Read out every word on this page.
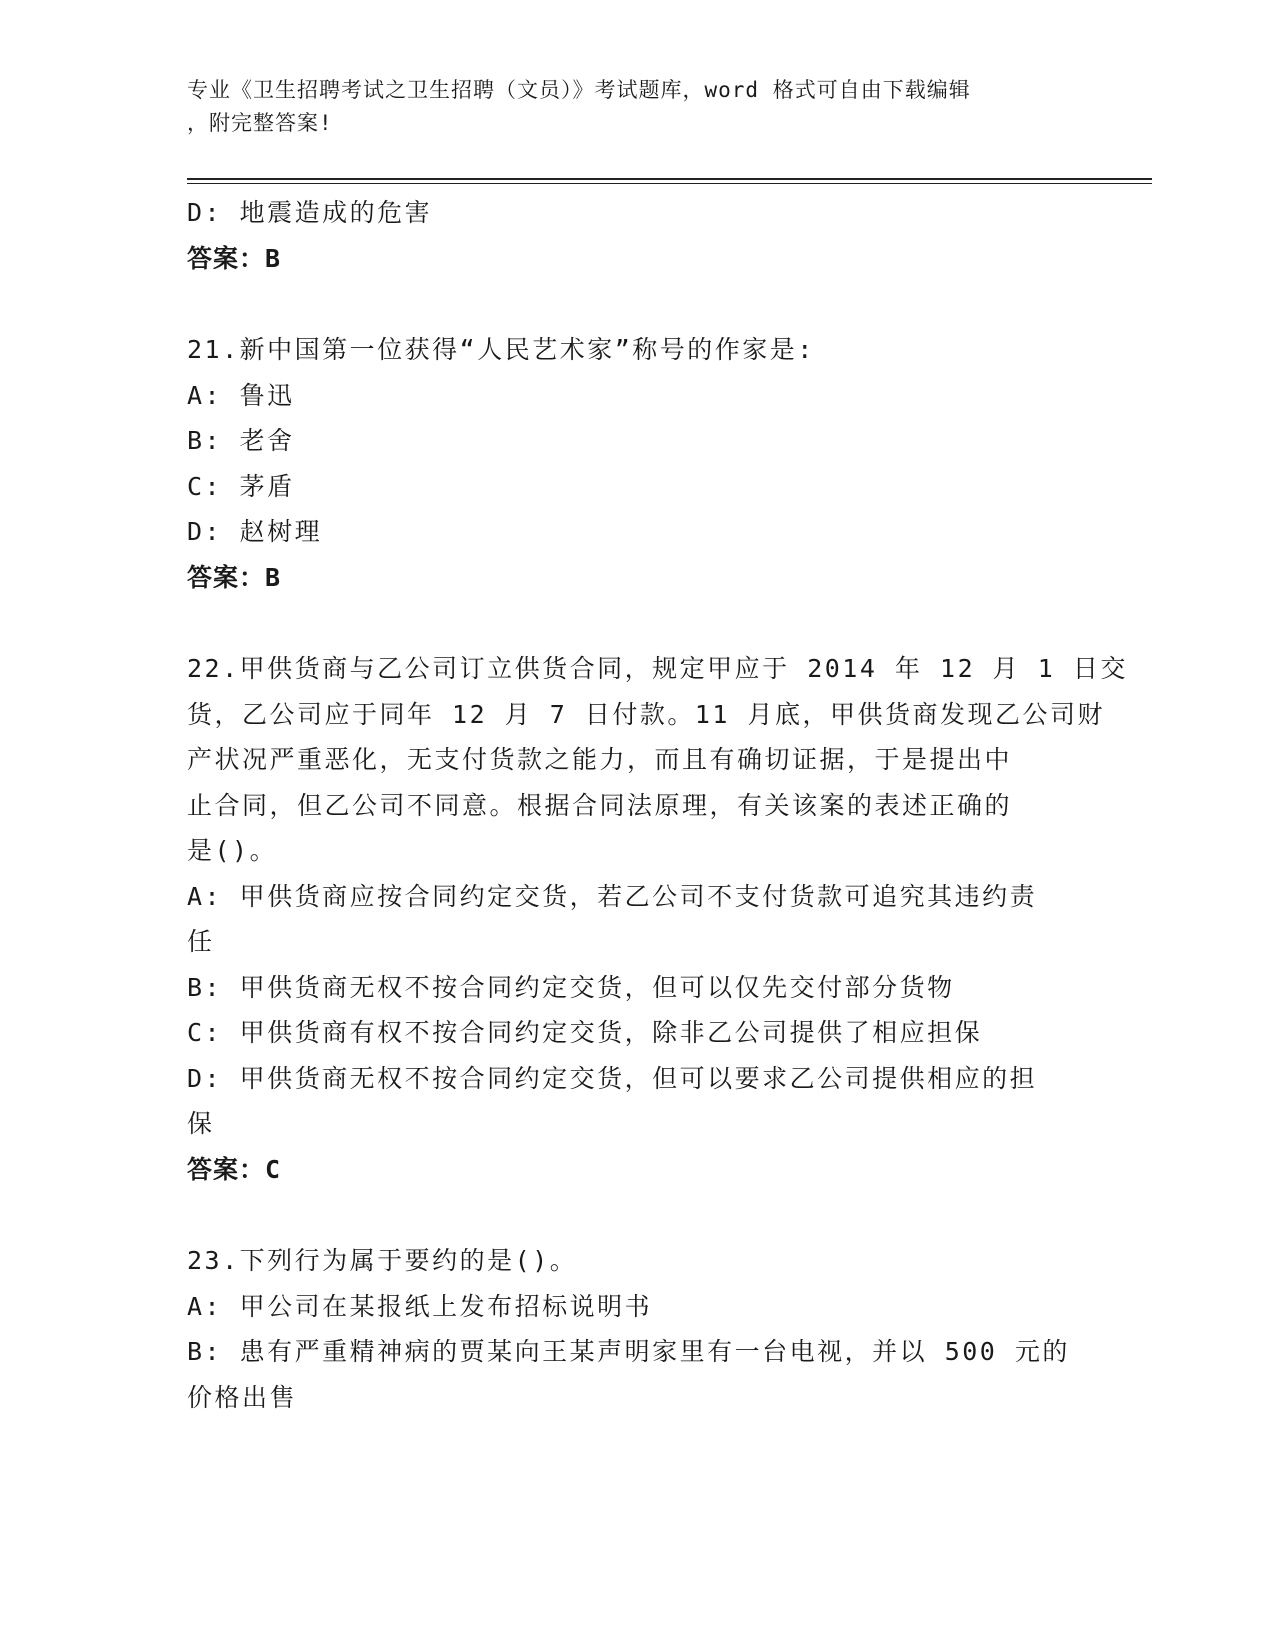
专业《卫生招聘考试之卫生招聘（文员）》考试题库，word 格式可自由下载编辑
，附完整答案!
D: 地震造成的危害
答案：B
21.新中国第一位获得“人民艺术家”称号的作家是:
A: 鲁迅
B: 老舍
C: 茅盾
D: 赵树理
答案：B
22.甲供货商与乙公司订立供货合同，规定甲应于 2014 年 12 月 1 日交
货，乙公司应于同年 12 月 7 日付款。11 月底，甲供货商发现乙公司财
产状况严重恶化，无支付货款之能力，而且有确切证据，于是提出中
止合同，但乙公司不同意。根据合同法原理，有关该案的表述正确的
是()。
A: 甲供货商应按合同约定交货，若乙公司不支付货款可追究其违约责
任
B: 甲供货商无权不按合同约定交货，但可以仅先交付部分货物
C: 甲供货商有权不按合同约定交货，除非乙公司提供了相应担保
D: 甲供货商无权不按合同约定交货，但可以要求乙公司提供相应的担
保
答案：C
23.下列行为属于要约的是()。
A: 甲公司在某报纸上发布招标说明书
B: 患有严重精神病的贾某向王某声明家里有一台电视，并以 500 元的
价格出售
